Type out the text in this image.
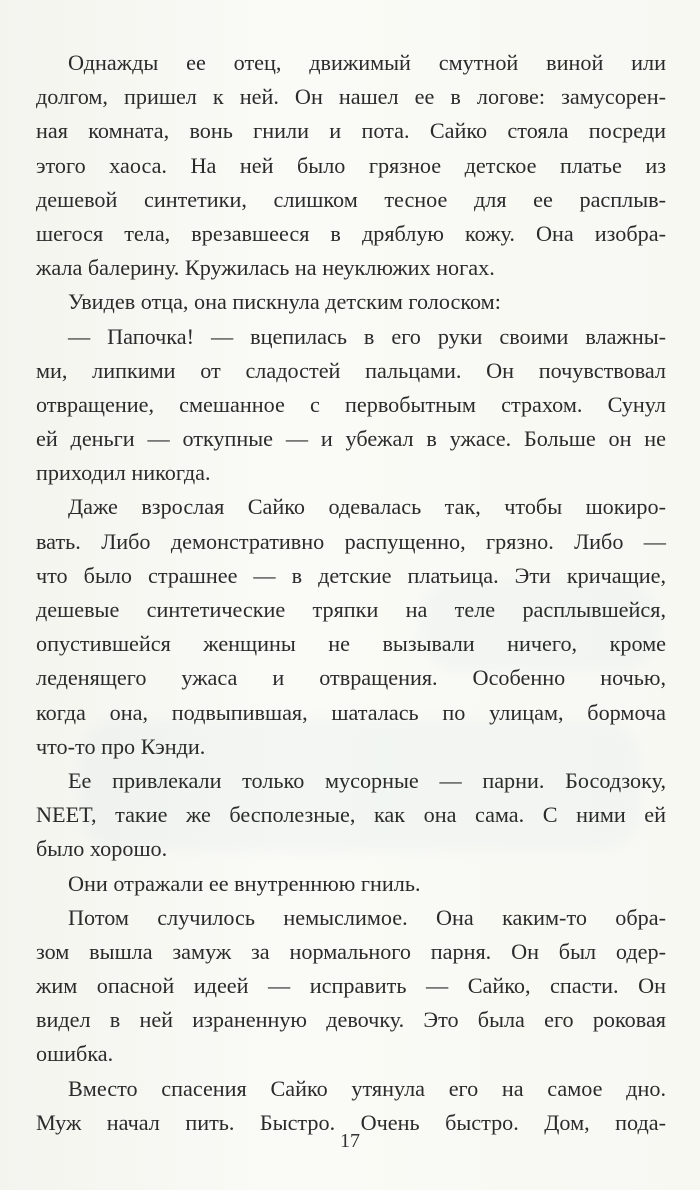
Однажды ее отец, движимый смутной виной или
долгом, пришел к ней. Он нашел ее в логове: замусорен-
ная комната, вонь гнили и пота. Сайко стояла посреди
этого хаоса. На ней было грязное детское платье из
дешевой синтетики, слишком тесное для ее расплыв-
шегося тела, врезавшееся в дряблую кожу. Она изобра-
жала балерину. Кружилась на неуклюжих ногах.
Увидев отца, она пискнула детским голоском:
— Папочка! — вцепилась в его руки своими влажны-
ми, липкими от сладостей пальцами. Он почувствовал
отвращение, смешанное с первобытным страхом. Сунул
ей деньги — откупные — и убежал в ужасе. Больше он не
приходил никогда.
Даже взрослая Сайко одевалась так, чтобы шокиро-
вать. Либо демонстративно распущенно, грязно. Либо —
что было страшнее — в детские платьица. Эти кричащие,
дешевые синтетические тряпки на теле расплывшейся,
опустившейся женщины не вызывали ничего, кроме
леденящего ужаса и отвращения. Особенно ночью,
когда она, подвыпившая, шаталась по улицам, бормоча
что-то про Кэнди.
Ее привлекали только мусорные — парни. Босодзоку,
NEET, такие же бесполезные, как она сама. С ними ей
было хорошо.
Они отражали ее внутреннюю гниль.
Потом случилось немыслимое. Она каким-то обра-
зом вышла замуж за нормального парня. Он был одер-
жим опасной идеей — исправить — Сайко, спасти. Он
видел в ней израненную девочку. Это была его роковая
ошибка.
Вместо спасения Сайко утянула его на самое дно.
Муж начал пить. Быстро. Очень быстро. Дом, пода-
17
